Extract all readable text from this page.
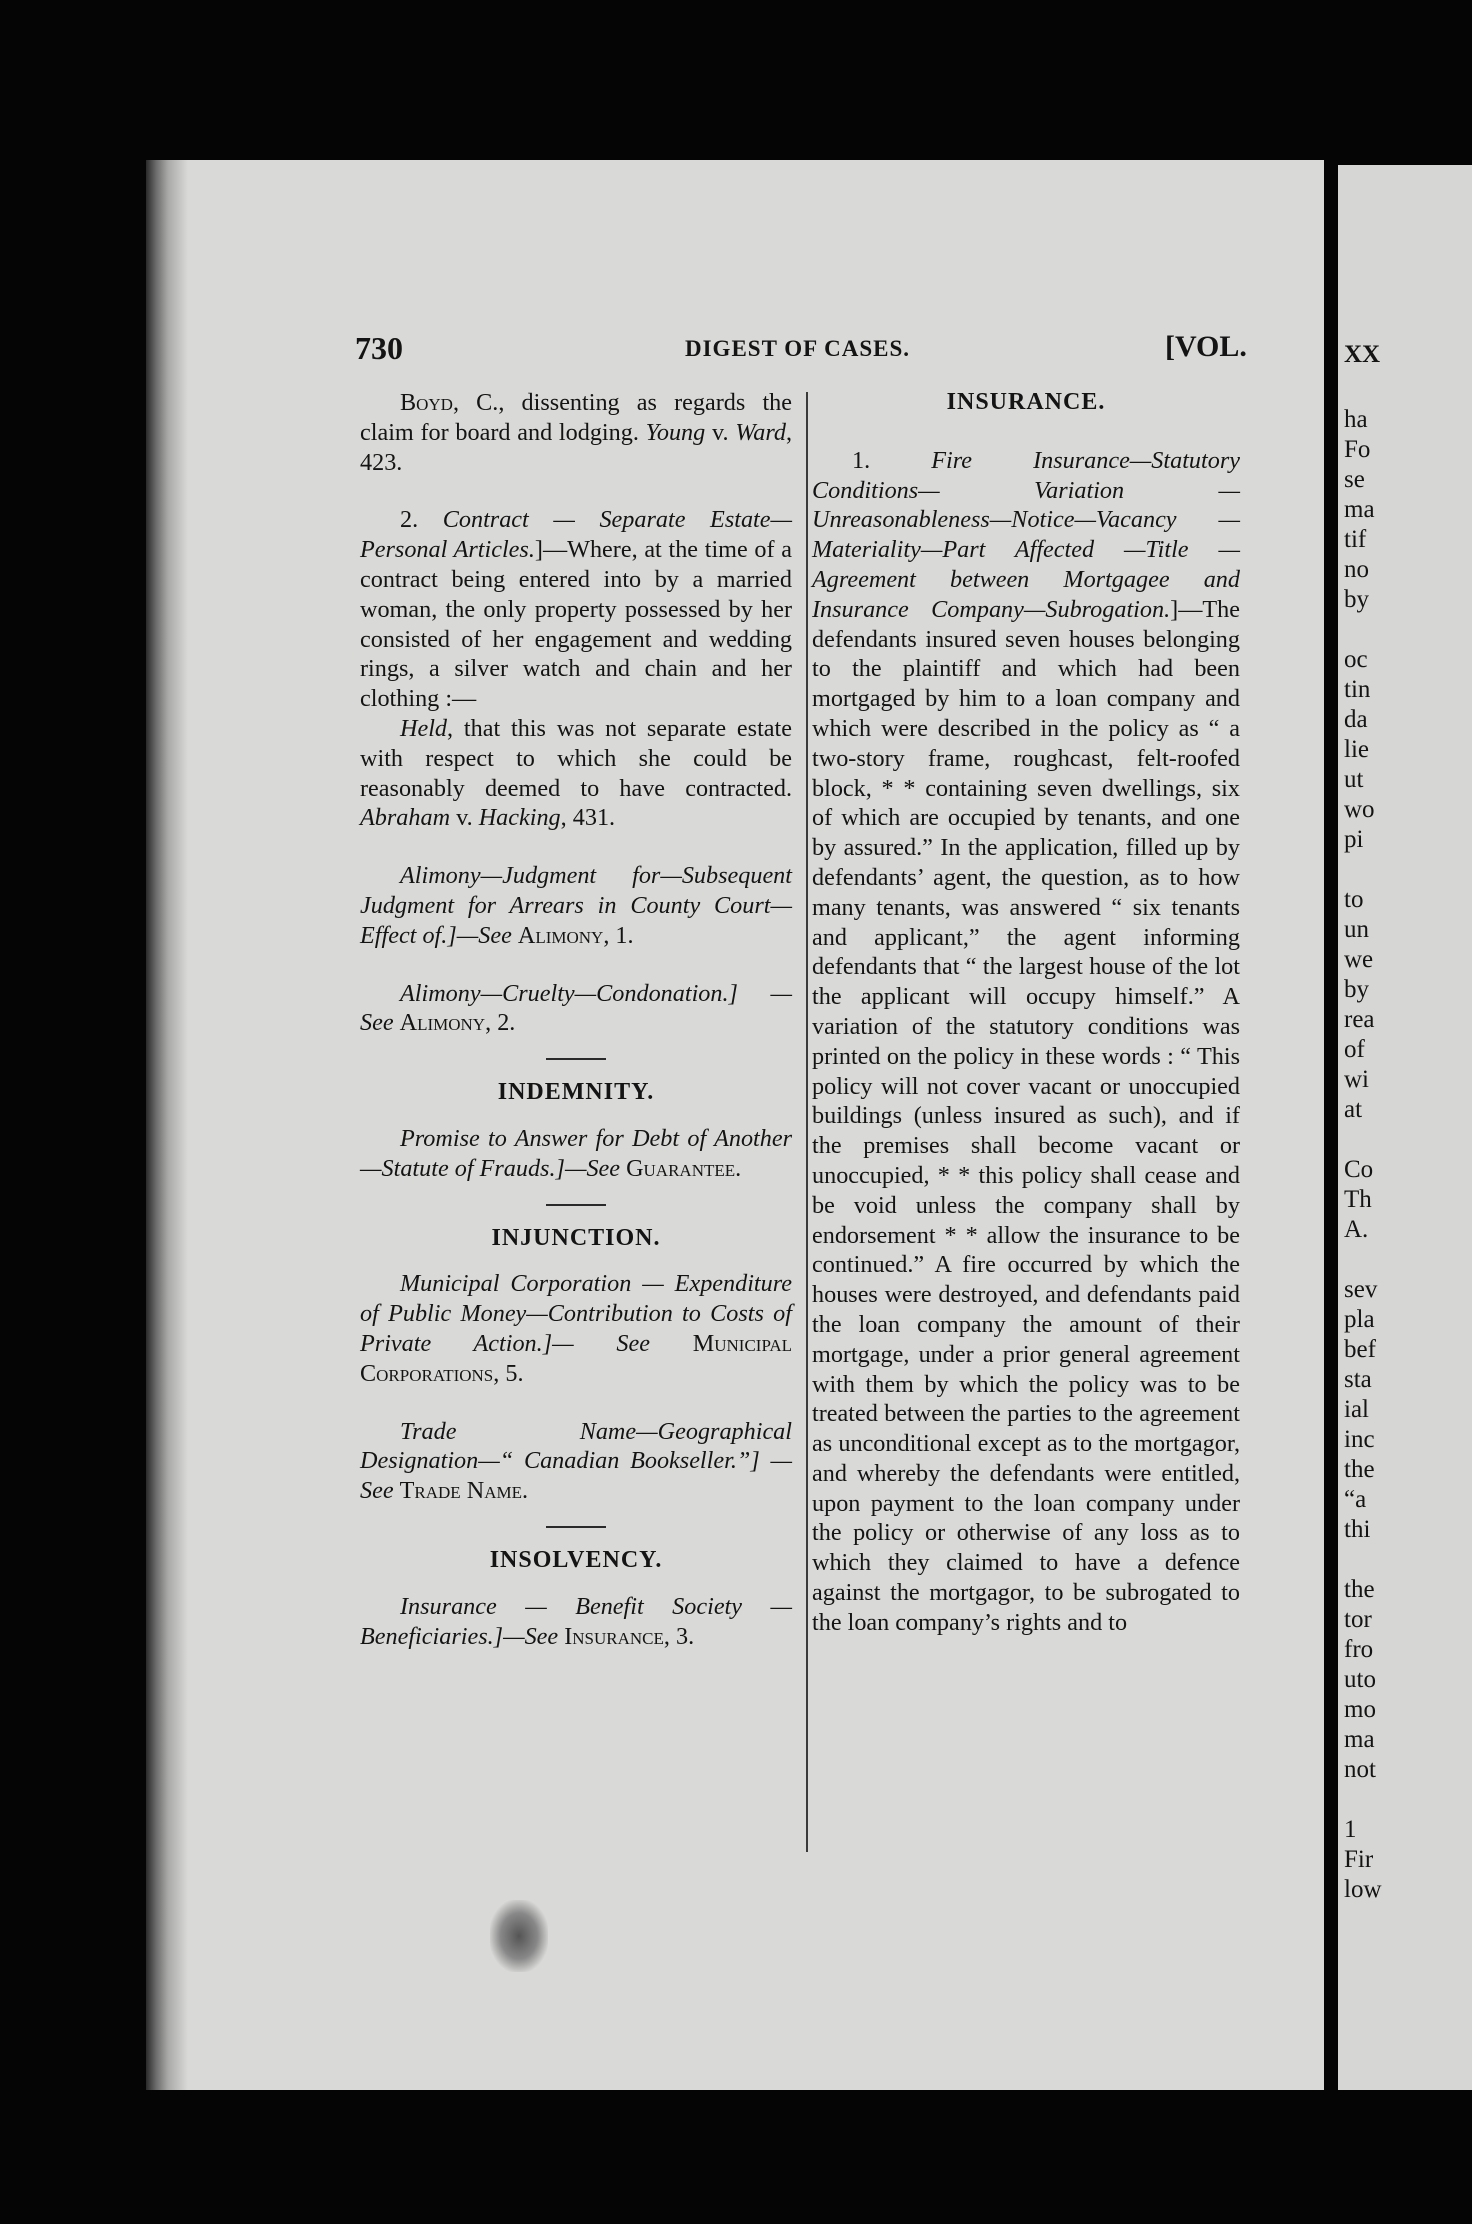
XX
ha
Fo
se
ma
tif
no
by
oc
tin
da
lie
ut
wo
pi
to
un
we
by
rea
of
wi
at
Co
Th
A.
sev
pla
bef
sta
ial
inc
the
“a
thi
the
tor
fro
uto
mo
ma
not
1
Fir
low
730	DIGEST OF CASES.	[VOL.

Boyd, C., dissenting as regards the claim for board and lodging. Young v. Ward, 423.

2. Contract — Separate Estate— Personal Articles.]—Where, at the time of a contract being entered into by a married woman, the only property possessed by her consisted of her engagement and wedding rings, a silver watch and chain and her clothing :—

Held, that this was not separate estate with respect to which she could be reasonably deemed to have contracted. Abraham v. Hacking, 431.

Alimony—Judgment for—Subsequent Judgment for Arrears in County Court—Effect of.]—See Alimony, 1.

Alimony—Cruelty—Condonation.] —See Alimony, 2.

INDEMNITY.

Promise to Answer for Debt of Another—Statute of Frauds.]—See Guarantee.

INJUNCTION.

Municipal Corporation — Expenditure of Public Money—Contribution to Costs of Private Action.]— See Municipal Corporations, 5.

Trade Name—Geographical Designation—“ Canadian Bookseller.”] —See Trade Name.

INSOLVENCY.

Insurance — Benefit Society — Beneficiaries.]—See Insurance, 3.

INSURANCE.

1. Fire Insurance—Statutory Conditions— Variation — Unreasonableness—Notice—Vacancy — Materiality—Part Affected —Title — Agreement between Mortgagee and Insurance Company—Subrogation.]—The defendants insured seven houses belonging to the plaintiff and which had been mortgaged by him to a loan company and which were described in the policy as “ a two-story frame, roughcast, felt-roofed block, * * containing seven dwellings, six of which are occupied by tenants, and one by assured.” In the application, filled up by defendants’ agent, the question, as to how many tenants, was answered “ six tenants and applicant,” the agent informing defendants that “ the largest house of the lot the applicant will occupy himself.” A variation of the statutory conditions was printed on the policy in these words : “ This policy will not cover vacant or unoccupied buildings (unless insured as such), and if the premises shall become vacant or unoccupied, * * this policy shall cease and be void unless the company shall by endorsement * * allow the insurance to be continued.” A fire occurred by which the houses were destroyed, and defendants paid the loan company the amount of their mortgage, under a prior general agreement with them by which the policy was to be treated between the parties to the agreement as unconditional except as to the mortgagor, and whereby the defendants were entitled, upon payment to the loan company under the policy or otherwise of any loss as to which they claimed to have a defence against the mortgagor, to be subrogated to the loan company’s rights and to
